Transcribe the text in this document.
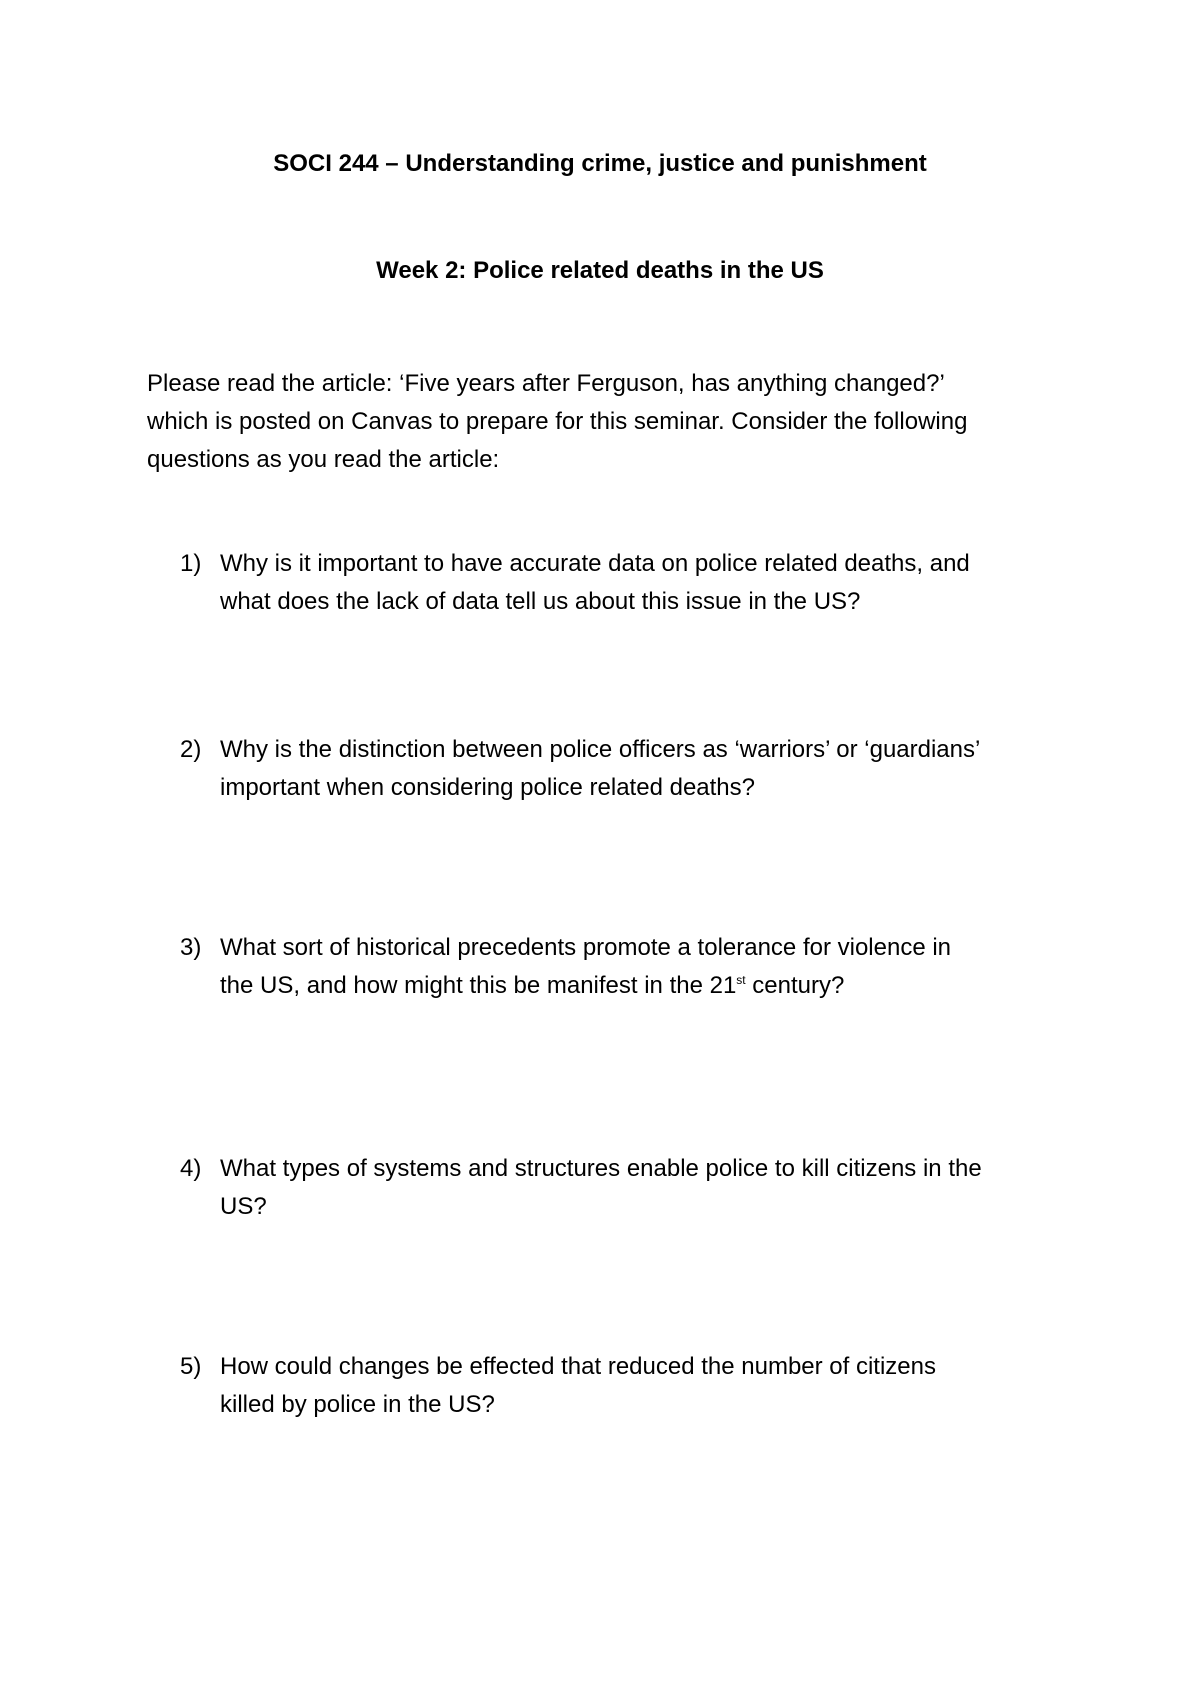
SOCI 244 – Understanding crime, justice and punishment
Week 2: Police related deaths in the US
Please read the article: ‘Five years after Ferguson, has anything changed?’
which is posted on Canvas to prepare for this seminar. Consider the following
questions as you read the article:
1) Why is it important to have accurate data on police related deaths, and
what does the lack of data tell us about this issue in the US?
2) Why is the distinction between police officers as ‘warriors’ or ‘guardians’
important when considering police related deaths?
3) What sort of historical precedents promote a tolerance for violence in
the US, and how might this be manifest in the 21st century?
4) What types of systems and structures enable police to kill citizens in the
US?
5) How could changes be effected that reduced the number of citizens
killed by police in the US?
